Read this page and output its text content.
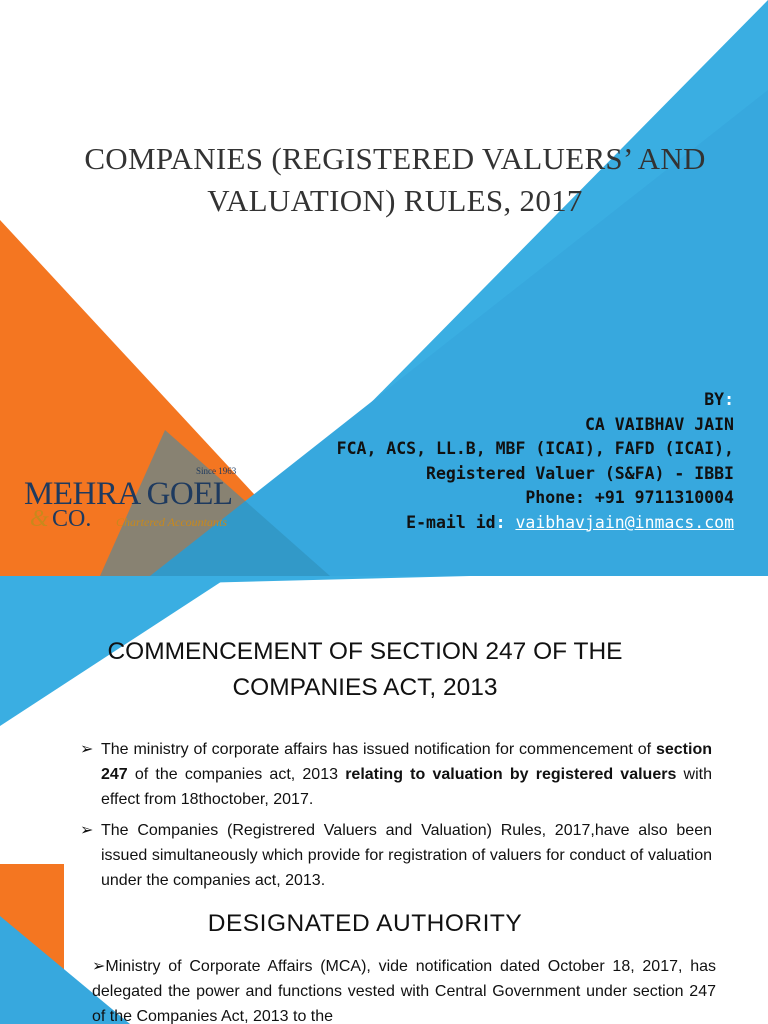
COMPANIES (REGISTERED VALUERS’ AND VALUATION) RULES, 2017
BY:
CA VAIBHAV JAIN
FCA, ACS, LL.B, MBF (ICAI), FAFD (ICAI),
Registered Valuer (S&FA) - IBBI
Phone: +91 9711310004
E-mail id: vaibhavjain@inmacs.com
Since 1963
MEHRA GOEL
& CO. Chartered Accountants
COMMENCEMENT OF SECTION 247 OF THE COMPANIES ACT, 2013
➢ The ministry of corporate affairs has issued notification for commencement of section 247 of the companies act, 2013 relating to valuation by registered valuers with effect from 18thoctober, 2017.
➢ The Companies (Registrered Valuers and Valuation) Rules, 2017,have also been issued simultaneously which provide for registration of valuers for conduct of valuation under the companies act, 2013.
DESIGNATED AUTHORITY
➢Ministry of Corporate Affairs (MCA), vide notification dated October 18, 2017, has delegated the power and functions vested with Central Government under section 247 of the Companies Act, 2013 to the
